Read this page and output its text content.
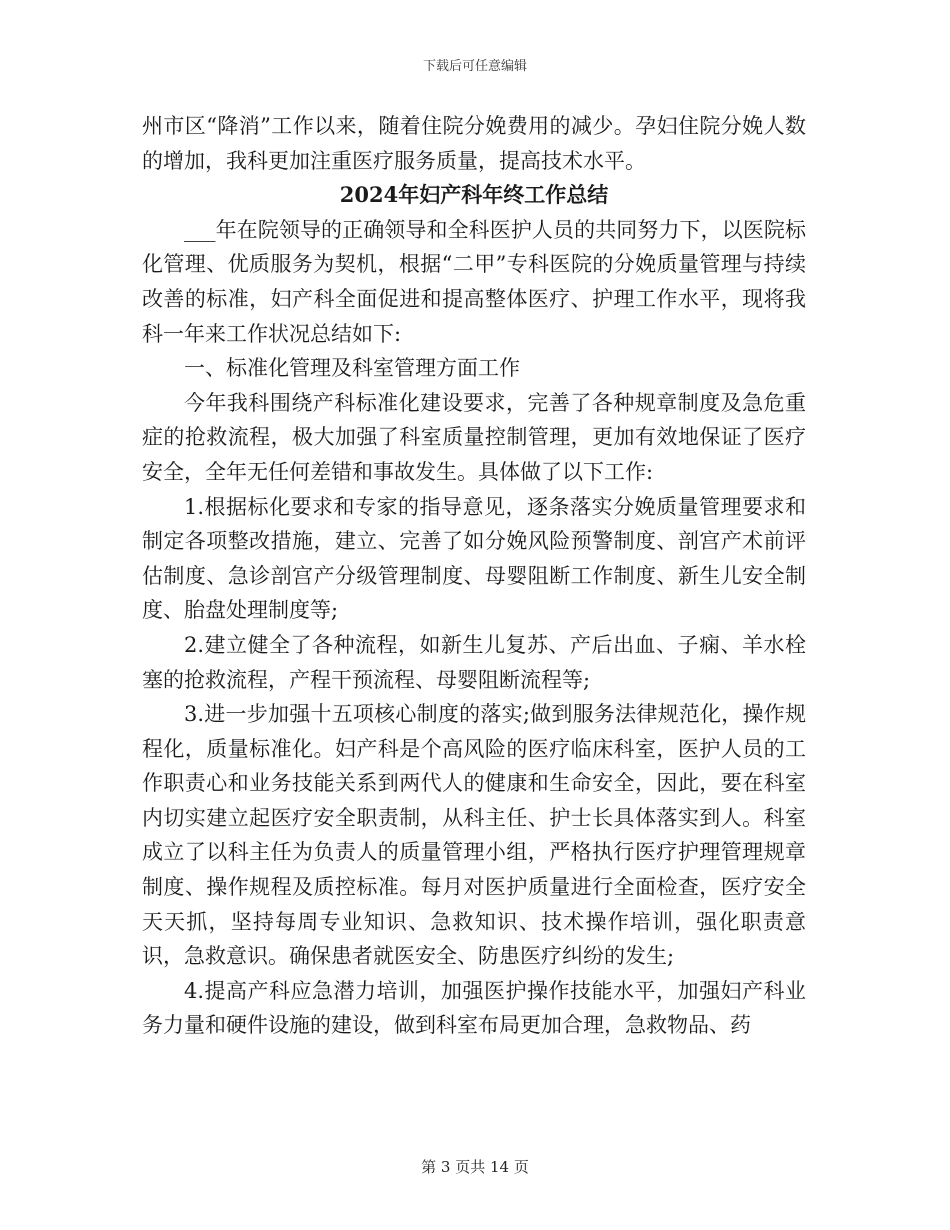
下载后可任意编辑

州市区“降消”工作以来，随着住院分娩费用的减少。孕妇住院分娩人数的增加，我科更加注重医疗服务质量，提高技术水平。

2024年妇产科年终工作总结

___年在院领导的正确领导和全科医护人员的共同努力下，以医院标化管理、优质服务为契机，根据“二甲”专科医院的分娩质量管理与持续改善的标准，妇产科全面促进和提高整体医疗、护理工作水平，现将我科一年来工作状况总结如下:

一、标准化管理及科室管理方面工作

今年我科围绕产科标准化建设要求，完善了各种规章制度及急危重症的抢救流程，极大加强了科室质量控制管理，更加有效地保证了医疗安全，全年无任何差错和事故发生。具体做了以下工作:

1.根据标化要求和专家的指导意见，逐条落实分娩质量管理要求和制定各项整改措施，建立、完善了如分娩风险预警制度、剖宫产术前评估制度、急诊剖宫产分级管理制度、母婴阻断工作制度、新生儿安全制度、胎盘处理制度等;

2.建立健全了各种流程，如新生儿复苏、产后出血、子痫、羊水栓塞的抢救流程，产程干预流程、母婴阻断流程等;

3.进一步加强十五项核心制度的落实;做到服务法律规范化，操作规程化，质量标准化。妇产科是个高风险的医疗临床科室，医护人员的工作职责心和业务技能关系到两代人的健康和生命安全，因此，要在科室内切实建立起医疗安全职责制，从科主任、护士长具体落实到人。科室成立了以科主任为负责人的质量管理小组，严格执行医疗护理管理规章制度、操作规程及质控标准。每月对医护质量进行全面检查，医疗安全天天抓，坚持每周专业知识、急救知识、技术操作培训，强化职责意识，急救意识。确保患者就医安全、防患医疗纠纷的发生;

4.提高产科应急潜力培训，加强医护操作技能水平，加强妇产科业务力量和硬件设施的建设，做到科室布局更加合理，急救物品、药

第 3 页共 14 页
